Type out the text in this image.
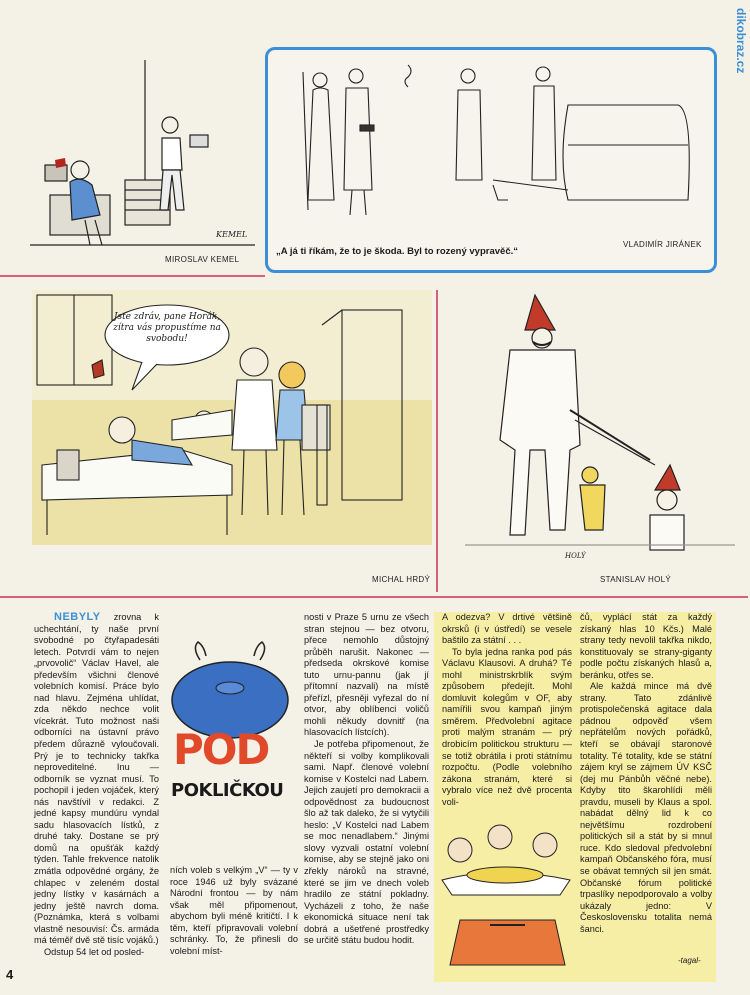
dikobraz.cz
KEMEL
MIROSLAV KEMEL
„A já ti říkám, že to je škoda. Byl to rozený vypravěč.“
VLADIMÍR JIRÁNEK
Jste zdráv, pane Horák, zítra vás propustíme na svobodu!
MICHAL HRDÝ
HOLÝ
STANISLAV HOLÝ
POD
POKLIČKOU

NEBYLY zrovna k uchechtání, ty naše první svobodné po čtyřapadesáti letech. Potvrdí vám to nejen „prvovolič“ Václav Havel, ale především všichni členové volebních komisí. Práce bylo nad hlavu. Zejména uhlídat, zda někdo nechce volit vícekrát. Tuto možnost naši odborníci na ústavní právo předem důrazně vyloučovali. Prý je to technicky takřka neproveditelné. Inu — odborník se vyznat musí. To pochopil i jeden vojáček, který nás navštívil v redakci. Z jedné kapsy mundúru vyndal sadu hlasovacích lístků, z druhé taky. Dostane se prý domů na opušťák každý týden. Tahle frekvence natolik zmátla odpovědné orgány, že chlapec v zeleném dostal jedny lístky v kasárnách a jedny ještě navrch doma. (Poznámka, která s volbami vlastně nesouvisí: Čs. armáda má téměř dvě stě tisíc vojáků.)

Odstup 54 let od posled-

ních voleb s velkým „V“ — ty v roce 1946 už byly svázané Národní frontou — by nám však měl připomenout, abychom byli méně kritičtí. I k těm, kteří připravovali volební schránky. To, že přinesli do volební míst-

nosti v Praze 5 urnu ze všech stran stejnou — bez otvoru, přece nemohlo důstojný průběh narušit. Nakonec — předseda okrskové komise tuto urnu-pannu (jak jí přítomní nazvali) na místě přeřízl, přesněji vyřezal do ní otvor, aby oblíbenci voličů mohli někudy dovnitř (na hlasovacích lístcích).

Je potřeba připomenout, že někteří si volby komplikovali sami. Např. členové volební komise v Kostelci nad Labem. Jejich zaujetí pro demokracii a odpovědnost za budoucnost šlo až tak daleko, že si vytyčili heslo: „V Kostelci nad Labem se moc nenadlabem.“ Jinými slovy vyzvali ostatní volební komise, aby se stejně jako oni zřekly nároků na stravné, které se jim ve dnech voleb hradilo ze státní pokladny. Vycházeli z toho, že naše ekonomická situace není tak dobrá a ušetřené prostředky se určitě státu budou hodit.

A odezva? V drtivé většině okrsků (i v ústředí) se vesele baštilo za státní . . .

To byla jedna ranka pod pás Václavu Klausovi. A druhá? Té mohl ministrskrblík svým způsobem předejít. Mohl domluvit kolegům v OF, aby namířili svou kampaň jiným směrem. Předvolební agitace proti malým stranám — prý drobicím politickou strukturu — se totiž obrátila i proti státnímu rozpočtu. (Podle volebního zákona stranám, které si vybralo více než dvě procenta voli-

čů, vyplácí stát za každý získaný hlas 10 Kčs.) Malé strany tedy nevolil takřka nikdo, konstituovaly se strany-giganty podle počtu získaných hlasů a, beránku, otřes se.

Ale každá mince má dvě strany. Tato zdánlivě protispolečenská agitace dala pádnou odpověď všem nepřátelům nových pořádků, kteří se obávají staronové totality. Té totality, kde se státní zájem kryl se zájmem ÚV KSČ (dej mu Pánbůh věčné nebe). Kdyby tito škarohlídi měli pravdu, museli by Klaus a spol. nabádat dělný lid k co největšímu rozdrobení politických sil a stát by si mnul ruce. Kdo sledoval předvolební kampaň Občanského fóra, musí se obávat temných sil jen smát. Občanské fórum politické trpaslíky nepodporovalo a volby ukázaly jedno: V Československu totalita nemá šanci.

-tagal-
4
